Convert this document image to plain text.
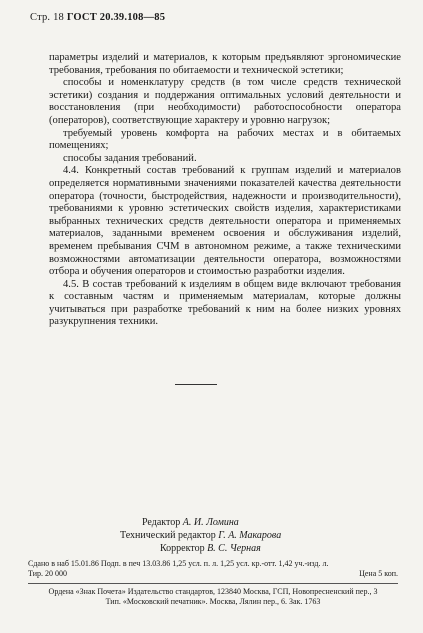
Стр. 18 ГОСТ 20.39.108—85

параметры изделий и материалов, к которым предъявляют эргономические требования, требования по обитаемости и технической эстетики;

способы и номенклатуру средств (в том числе средств технической эстетики) создания и поддержания оптимальных условий деятельности и восстановления (при необходимости) работоспособности оператора (операторов), соответствующие характеру и уровню нагрузок;

требуемый уровень комфорта на рабочих местах и в обитаемых помещениях;

способы задания требований.

4.4. Конкретный состав требований к группам изделий и материалов определяется нормативными значениями показателей качества деятельности оператора (точности, быстродействия, надежности и производительности), требованиями к уровню эстетических свойств изделия, характеристиками выбранных технических средств деятельности оператора и применяемых материалов, заданными временем освоения и обслуживания изделий, временем пребывания СЧМ в автономном режиме, а также техническими возможностями автоматизации деятельности оператора, возможностями отбора и обучения операторов и стоимостью разработки изделия.

4.5. В состав требований к изделиям в общем виде включают требования к составным частям и применяемым материалам, которые должны учитываться при разработке требований к ним на более низких уровнях разукрупнения техники.

Редактор А. И. Ломина
Технический редактор Г. А. Макарова
Корректор В. С. Черная
Сдано в наб 15.01.86 Подп. в печ 13.03.86 1,25 усл. п. л. 1,25 усл. кр.-отт. 1,42 уч.-изд. л.
Тир. 20 000	Цена 5 коп.
Ордена «Знак Почета» Издательство стандартов, 123840 Москва, ГСП, Новопресненский пер., 3
Тип. «Московский печатник». Москва, Лялин пер., 6. Зак. 1763
